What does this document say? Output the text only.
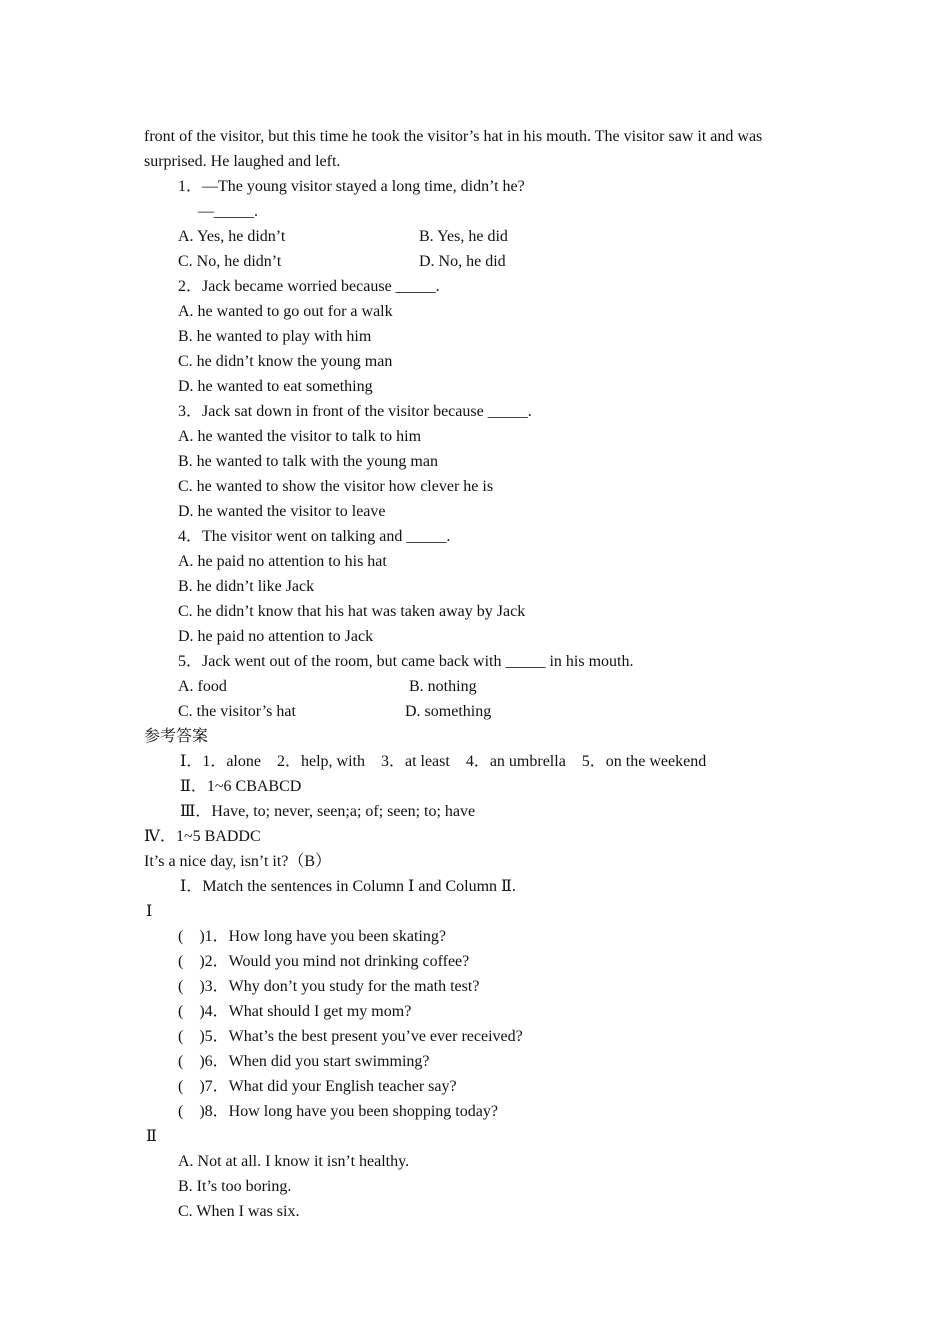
front of the visitor, but this time he took the visitor’s hat in his mouth. The visitor saw it and was
surprised. He laughed and left.
1．—The young visitor stayed a long time, didn’t he?
—_____.
A. Yes, he didn’t	B. Yes, he did
C. No, he didn’t	D. No, he did
2．Jack became worried because _____.
A. he wanted to go out for a walk
B. he wanted to play with him
C. he didn’t know the young man
D. he wanted to eat something
3．Jack sat down in front of the visitor because _____.
A. he wanted the visitor to talk to him
B. he wanted to talk with the young man
C. he wanted to show the visitor how clever he is
D. he wanted the visitor to leave
4．The visitor went on talking and _____.
A. he paid no attention to his hat
B. he didn’t like Jack
C. he didn’t know that his hat was taken away by Jack
D. he paid no attention to Jack
5．Jack went out of the room, but came back with _____ in his mouth.
A. food	B. nothing
C. the visitor’s hat	D. something
参考答案
Ⅰ．1．alone　2．help, with　3．at least　4．an umbrella　5．on the weekend
Ⅱ．1~6 CBABCD
Ⅲ．Have, to; never, seen;a; of; seen; to; have
Ⅳ．1~5 BADDC
It’s a nice day, isn’t it?（B）
Ⅰ．Match the sentences in Column Ⅰ and Column Ⅱ.
Ⅰ
(　)1．How long have you been skating?
(　)2．Would you mind not drinking coffee?
(　)3．Why don’t you study for the math test?
(　)4．What should I get my mom?
(　)5．What’s the best present you’ve ever received?
(　)6．When did you start swimming?
(　)7．What did your English teacher say?
(　)8．How long have you been shopping today?
Ⅱ
A. Not at all. I know it isn’t healthy.
B. It’s too boring.
C. When I was six.
